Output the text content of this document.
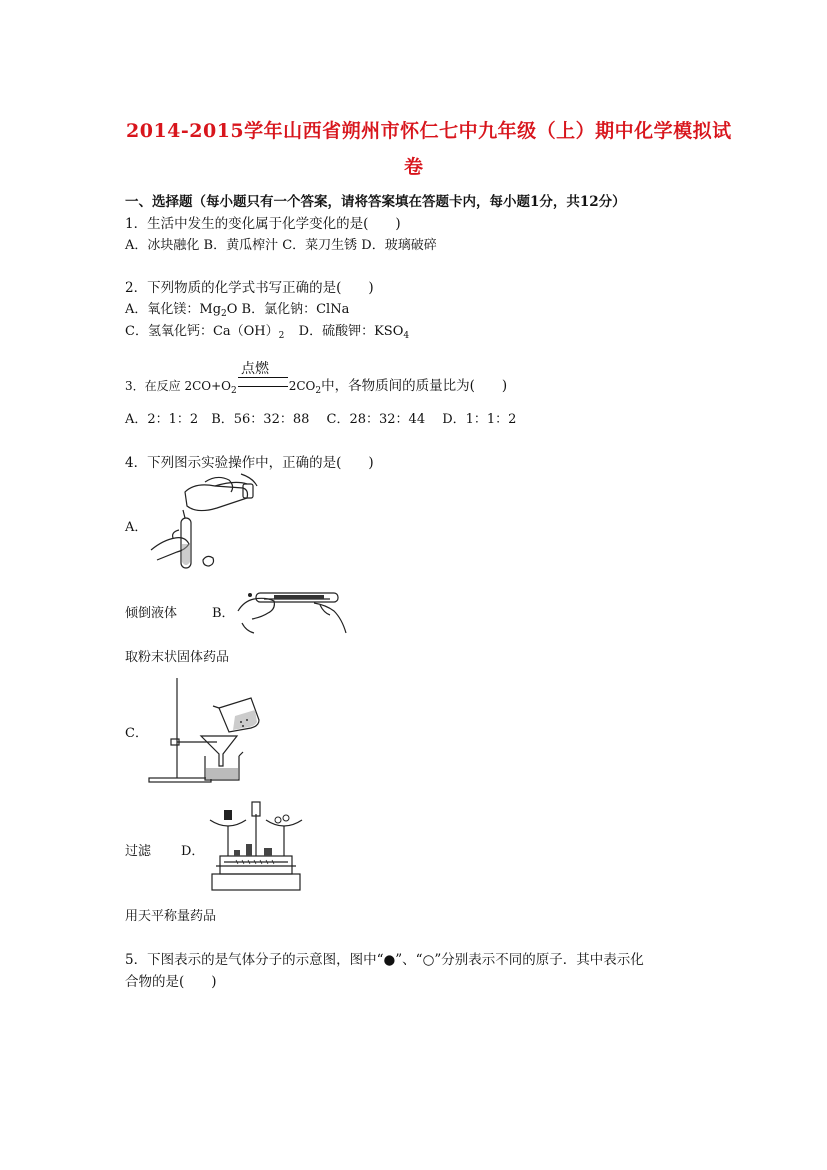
2014-2015学年山西省朔州市怀仁七中九年级（上）期中化学模拟试
卷
一、选择题（每小题只有一个答案，请将答案填在答题卡内，每小题1分，共12分）
1．生活中发生的变化属于化学变化的是(　　)
A．冰块融化 B．黄瓜榨汁 C．菜刀生锈 D．玻璃破碎
2．下列物质的化学式书写正确的是(　　)
A．氧化镁：$Mg_2O$ B．氯化钠：ClNa
C．氢氧化钙：$Ca(OH)_2$ D．硫酸钾：$KSO_4$
点燃
3．在反应 $2CO+O_2$	$2CO_2$中，各物质间的质量比为(　　)
A．2：1：2　B．56：32：88　 C．28：32：44　 D．1：1：2
4．下列图示实验操作中，正确的是(　　)
A．
倾倒液体	B．
取粉末状固体药品
C．
过滤 D．
用天平称量药品
5．下图表示的是气体分子的示意图，图中“●”、“○”分别表示不同的原子．其中表示化
合物的是(　　)
